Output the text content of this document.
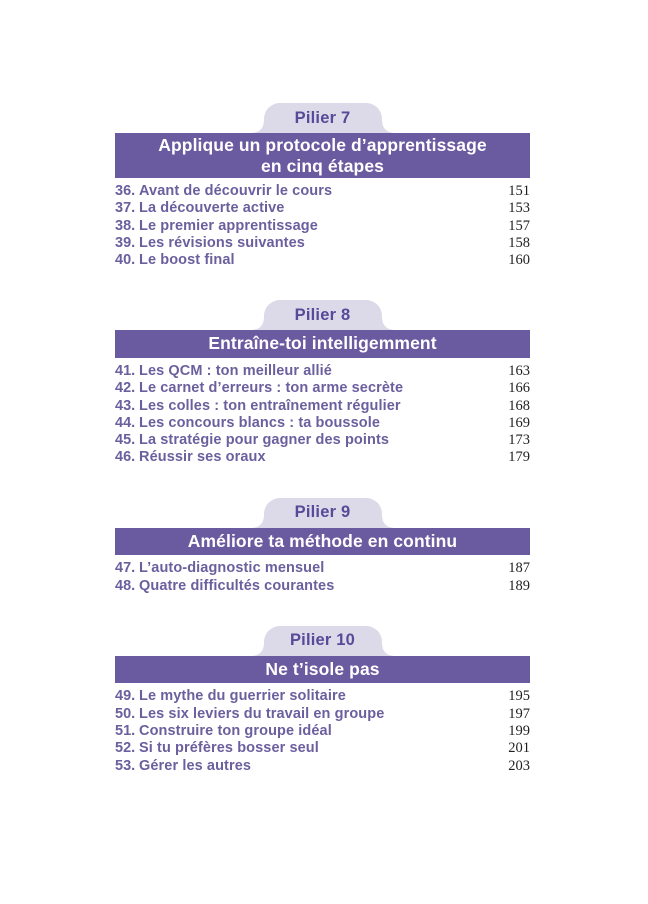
Pilier 7
Applique un protocole d’apprentissage
en cinq étapes
36. Avant de découvrir le cours	151
37. La découverte active	153
38. Le premier apprentissage	157
39. Les révisions suivantes	158
40. Le boost final	160
Pilier 8
Entraîne-toi intelligemment
41. Les QCM : ton meilleur allié	163
42. Le carnet d’erreurs : ton arme secrète	166
43. Les colles : ton entraînement régulier	168
44. Les concours blancs : ta boussole	169
45. La stratégie pour gagner des points	173
46. Réussir ses oraux	179
Pilier 9
Améliore ta méthode en continu
47. L’auto-diagnostic mensuel	187
48. Quatre difficultés courantes	189
Pilier 10
Ne t’isole pas
49. Le mythe du guerrier solitaire	195
50. Les six leviers du travail en groupe	197
51. Construire ton groupe idéal	199
52. Si tu préfères bosser seul	201
53. Gérer les autres	203
